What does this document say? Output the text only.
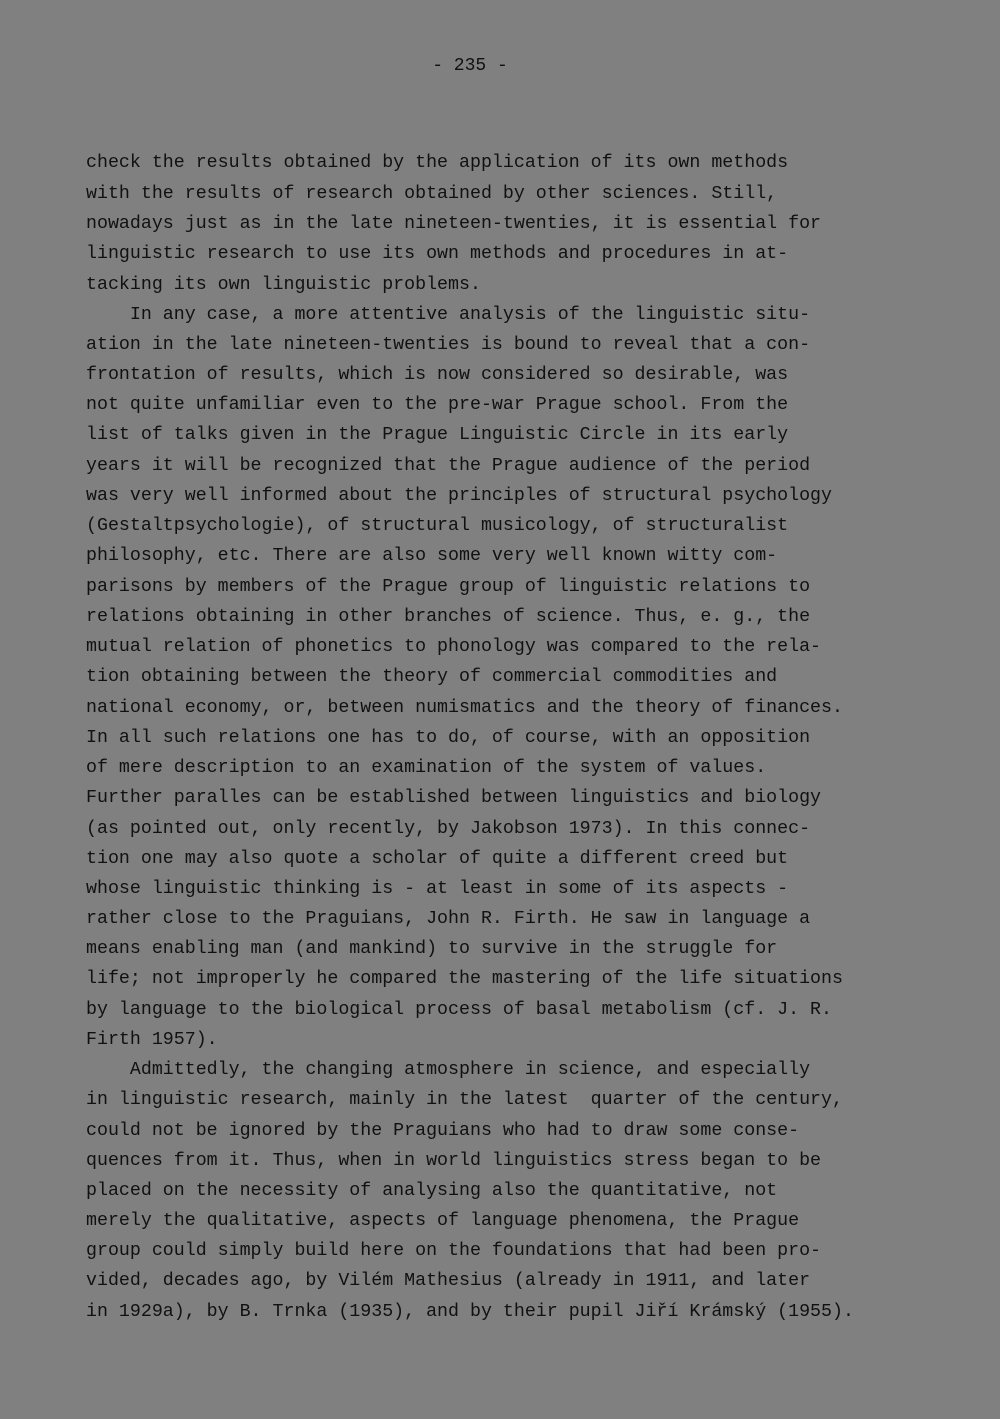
- 235 -
check the results obtained by the application of its own methods
with the results of research obtained by other sciences. Still,
nowadays just as in the late nineteen-twenties, it is essential for
linguistic research to use its own methods and procedures in at-
tacking its own linguistic problems.
In any case, a more attentive analysis of the linguistic situ-
ation in the late nineteen-twenties is bound to reveal that a con-
frontation of results, which is now considered so desirable, was
not quite unfamiliar even to the pre-war Prague school. From the
list of talks given in the Prague Linguistic Circle in its early
years it will be recognized that the Prague audience of the period
was very well informed about the principles of structural psychology
(Gestaltpsychologie), of structural musicology, of structuralist
philosophy, etc. There are also some very well known witty com-
parisons by members of the Prague group of linguistic relations to
relations obtaining in other branches of science. Thus, e. g., the
mutual relation of phonetics to phonology was compared to the rela-
tion obtaining between the theory of commercial commodities and
national economy, or, between numismatics and the theory of finances.
In all such relations one has to do, of course, with an opposition
of mere description to an examination of the system of values.
Further paralles can be established between linguistics and biology
(as pointed out, only recently, by Jakobson 1973). In this connec-
tion one may also quote a scholar of quite a different creed but
whose linguistic thinking is - at least in some of its aspects -
rather close to the Praguians, John R. Firth. He saw in language a
means enabling man (and mankind) to survive in the struggle for
life; not improperly he compared the mastering of the life situations
by language to the biological process of basal metabolism (cf. J. R.
Firth 1957).
Admittedly, the changing atmosphere in science, and especially
in linguistic research, mainly in the latest  quarter of the century,
could not be ignored by the Praguians who had to draw some conse-
quences from it. Thus, when in world linguistics stress began to be
placed on the necessity of analysing also the quantitative, not
merely the qualitative, aspects of language phenomena, the Prague
group could simply build here on the foundations that had been pro-
vided, decades ago, by Vilém Mathesius (already in 1911, and later
in 1929a), by B. Trnka (1935), and by their pupil Jiří Krámský (1955).
